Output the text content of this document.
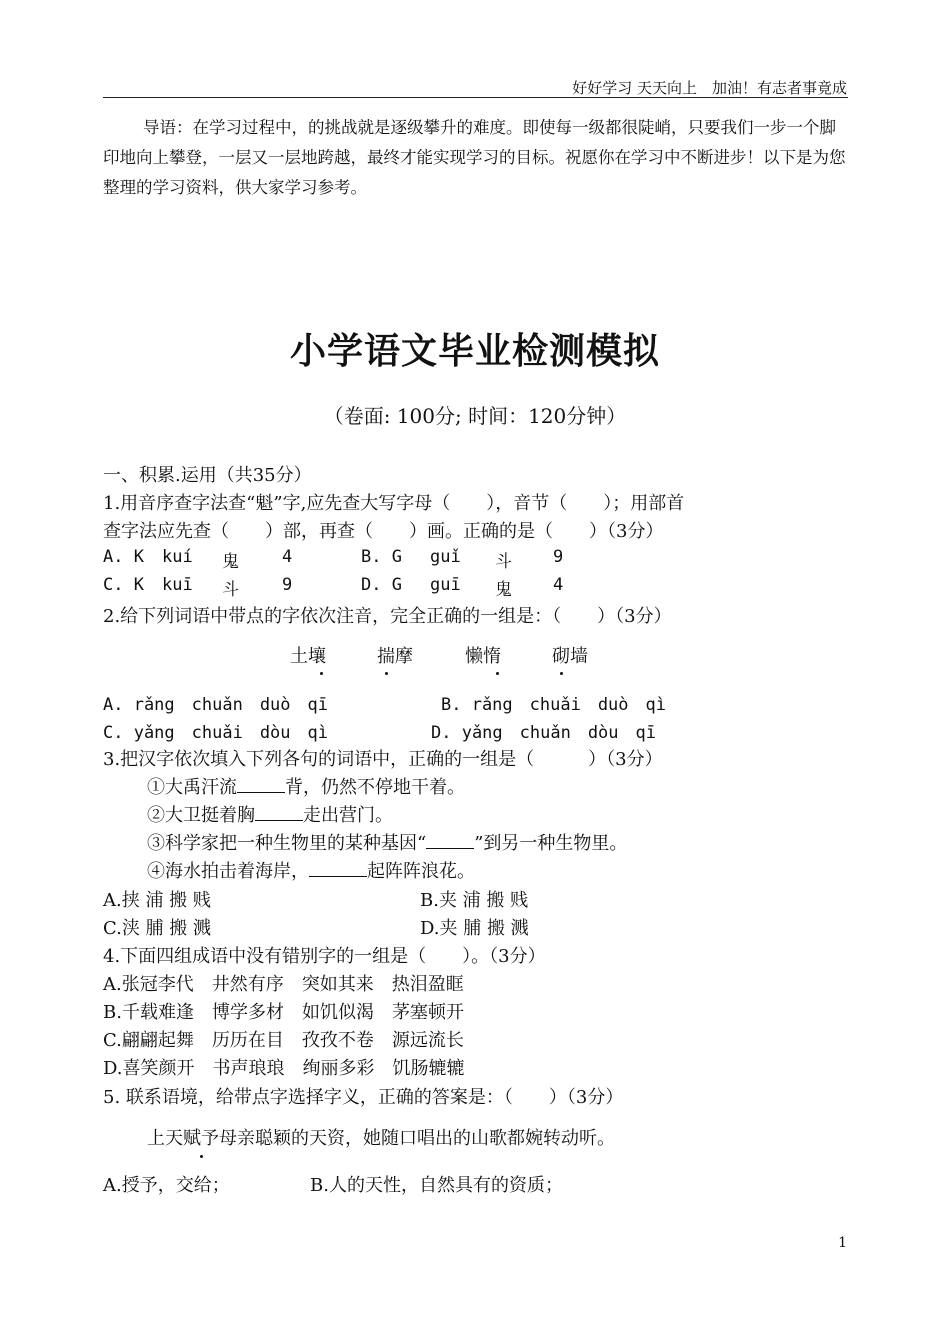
好好学习 天天向上　加油！有志者事竟成
导语：在学习过程中，的挑战就是逐级攀升的难度。即使每一级都很陡峭，只要我们一步一个脚印地向上攀登，一层又一层地跨越，最终才能实现学习的目标。祝愿你在学习中不断进步！以下是为您整理的学习资料，供大家学习参考。
小学语文毕业检测模拟
（卷面: 100分; 时间：120分钟）
一、积累.运用（共35分）
1.用音序查字法查“魁”字,应先查大写字母（　　），音节（　　）；用部首
查字法应先查（　　）部，再查（　　）画。正确的是（　　）（3分）
A. K kuí 鬼	4	B. G guǐ 斗 9
C. K kuī 斗	9	D. G guī 鬼 4
2.给下列词语中带点的字依次注音，完全正确的一组是：（　　）（3分）
土壤	揣摩	懒惰	砌墙
A. rǎng　chuǎn　duò　qī	B. rǎng　chuǎi　duò　qì
C. yǎng　chuǎi　dòu　qì	D. yǎng　chuǎn　dòu　qī
3.把汉字依次填入下列各句的词语中，正确的一组是（　　　）（3分）
①大禹汗流	背，仍然不停地干着。
②大卫挺着胸	走出营门。
③科学家把一种生物里的某种基因“	”到另一种生物里。
④海水拍击着海岸，	起阵阵浪花。
A.挟 浦 搬 贱	B.夹 浦 搬 贱
C.浃 脯 搬 溅	D.夹 脯 搬 溅
4.下面四组成语中没有错别字的一组是（　　）。（3分）
A.张冠李代　井然有序　突如其来　热泪盈眶
B.千载难逢　博学多材　如饥似渴　茅塞顿开
C.翩翩起舞　历历在目　孜孜不卷　源远流长
D.喜笑颜开　书声琅琅　绚丽多彩　饥肠辘辘
5. 联系语境，给带点字选择字义，正确的答案是：（　　）（3分）
上天赋予母亲聪颖的天资，她随口唱出的山歌都婉转动听。
A.授予，交给；	B.人的天性，自然具有的资质；
1
